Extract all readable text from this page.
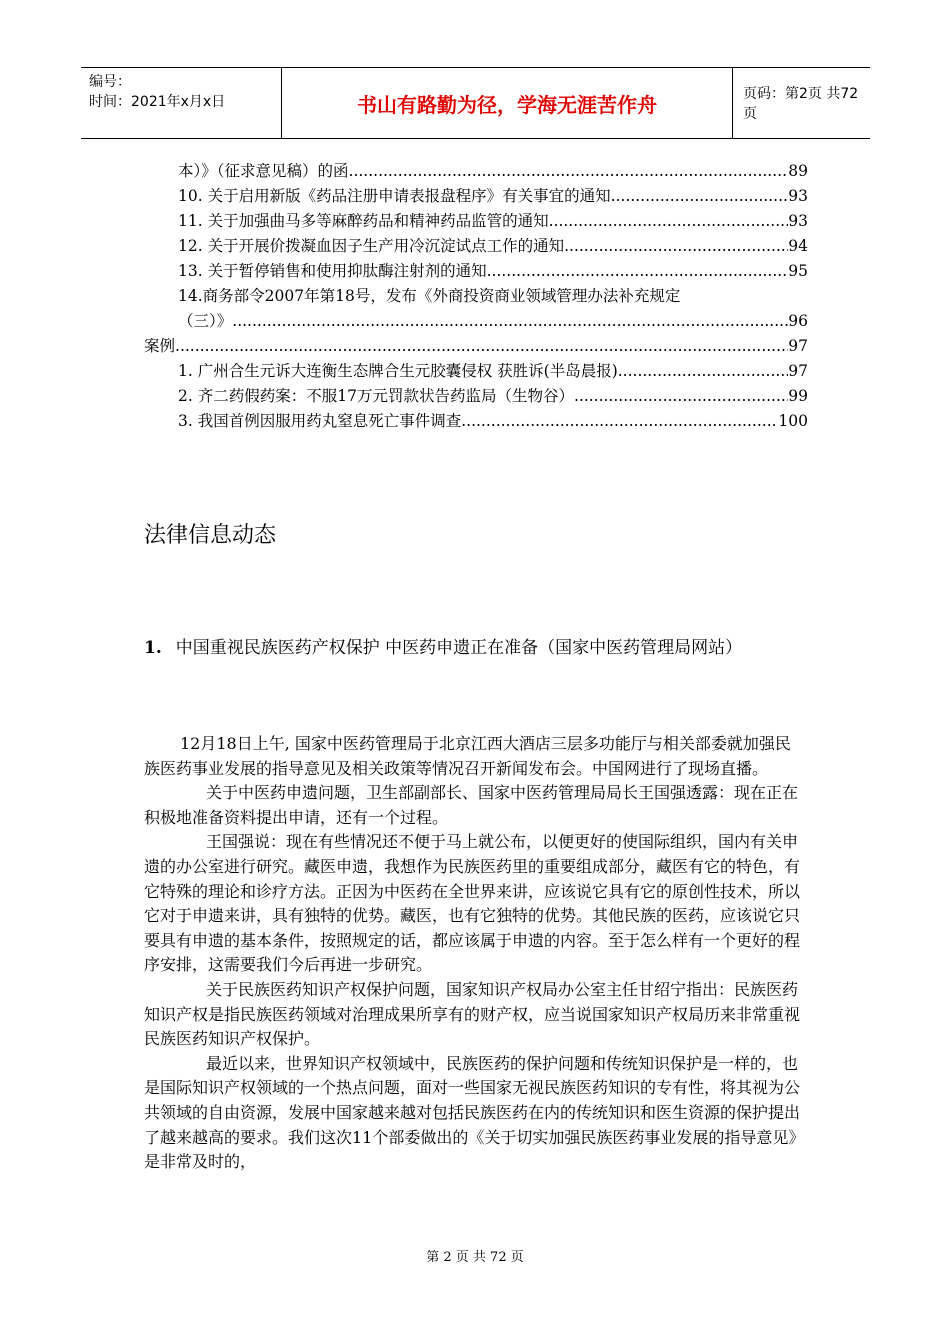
编号：
时间：2021年x月x日	书山有路勤为径，学海无涯苦作舟	页码：第2页 共72页
本）》（征求意见稿）的函 .....	89
10. 关于启用新版《药品注册申请表报盘程序》有关事宜的通知 .....	93
11. 关于加强曲马多等麻醉药品和精神药品监管的通知 .....	93
12. 关于开展价拨凝血因子生产用冷沉淀试点工作的通知 .....	94
13. 关于暂停销售和使用抑肽酶注射剂的通知 .....	95
14.商务部令2007年第18号，发布《外商投资商业领域管理办法补充规定
（三）》 .....	96
案例 .....	97
1. 广州合生元诉大连衡生态牌合生元胶囊侵权 获胜诉(半岛晨报) .....	97
2. 齐二药假药案：不服17万元罚款状告药监局（生物谷） .....	99
3. 我国首例因服用药丸窒息死亡事件调查 .....	100
法律信息动态
1. 中国重视民族医药产权保护 中医药申遗正在准备（国家中医药管理局网站）

12月18日上午, 国家中医药管理局于北京江西大酒店三层多功能厅与相关部委就加强民族医药事业发展的指导意见及相关政策等情况召开新闻发布会。中国网进行了现场直播。

关于中医药申遗问题，卫生部副部长、国家中医药管理局局长王国强透露：现在正在积极地准备资料提出申请，还有一个过程。

王国强说：现在有些情况还不便于马上就公布，以便更好的使国际组织，国内有关申遗的办公室进行研究。藏医申遗，我想作为民族医药里的重要组成部分，藏医有它的特色，有它特殊的理论和诊疗方法。正因为中医药在全世界来讲，应该说它具有它的原创性技术，所以它对于申遗来讲，具有独特的优势。藏医，也有它独特的优势。其他民族的医药，应该说它只要具有申遗的基本条件，按照规定的话，都应该属于申遗的内容。至于怎么样有一个更好的程序安排，这需要我们今后再进一步研究。

关于民族医药知识产权保护问题，国家知识产权局办公室主任甘绍宁指出：民族医药知识产权是指民族医药领域对治理成果所享有的财产权，应当说国家知识产权局历来非常重视民族医药知识产权保护。

最近以来，世界知识产权领域中，民族医药的保护问题和传统知识保护是一样的，也是国际知识产权领域的一个热点问题，面对一些国家无视民族医药知识的专有性，将其视为公共领域的自由资源，发展中国家越来越对包括民族医药在内的传统知识和医生资源的保护提出了越来越高的要求。我们这次11个部委做出的《关于切实加强民族医药事业发展的指导意见》是非常及时的，

第 2 页 共 72 页
